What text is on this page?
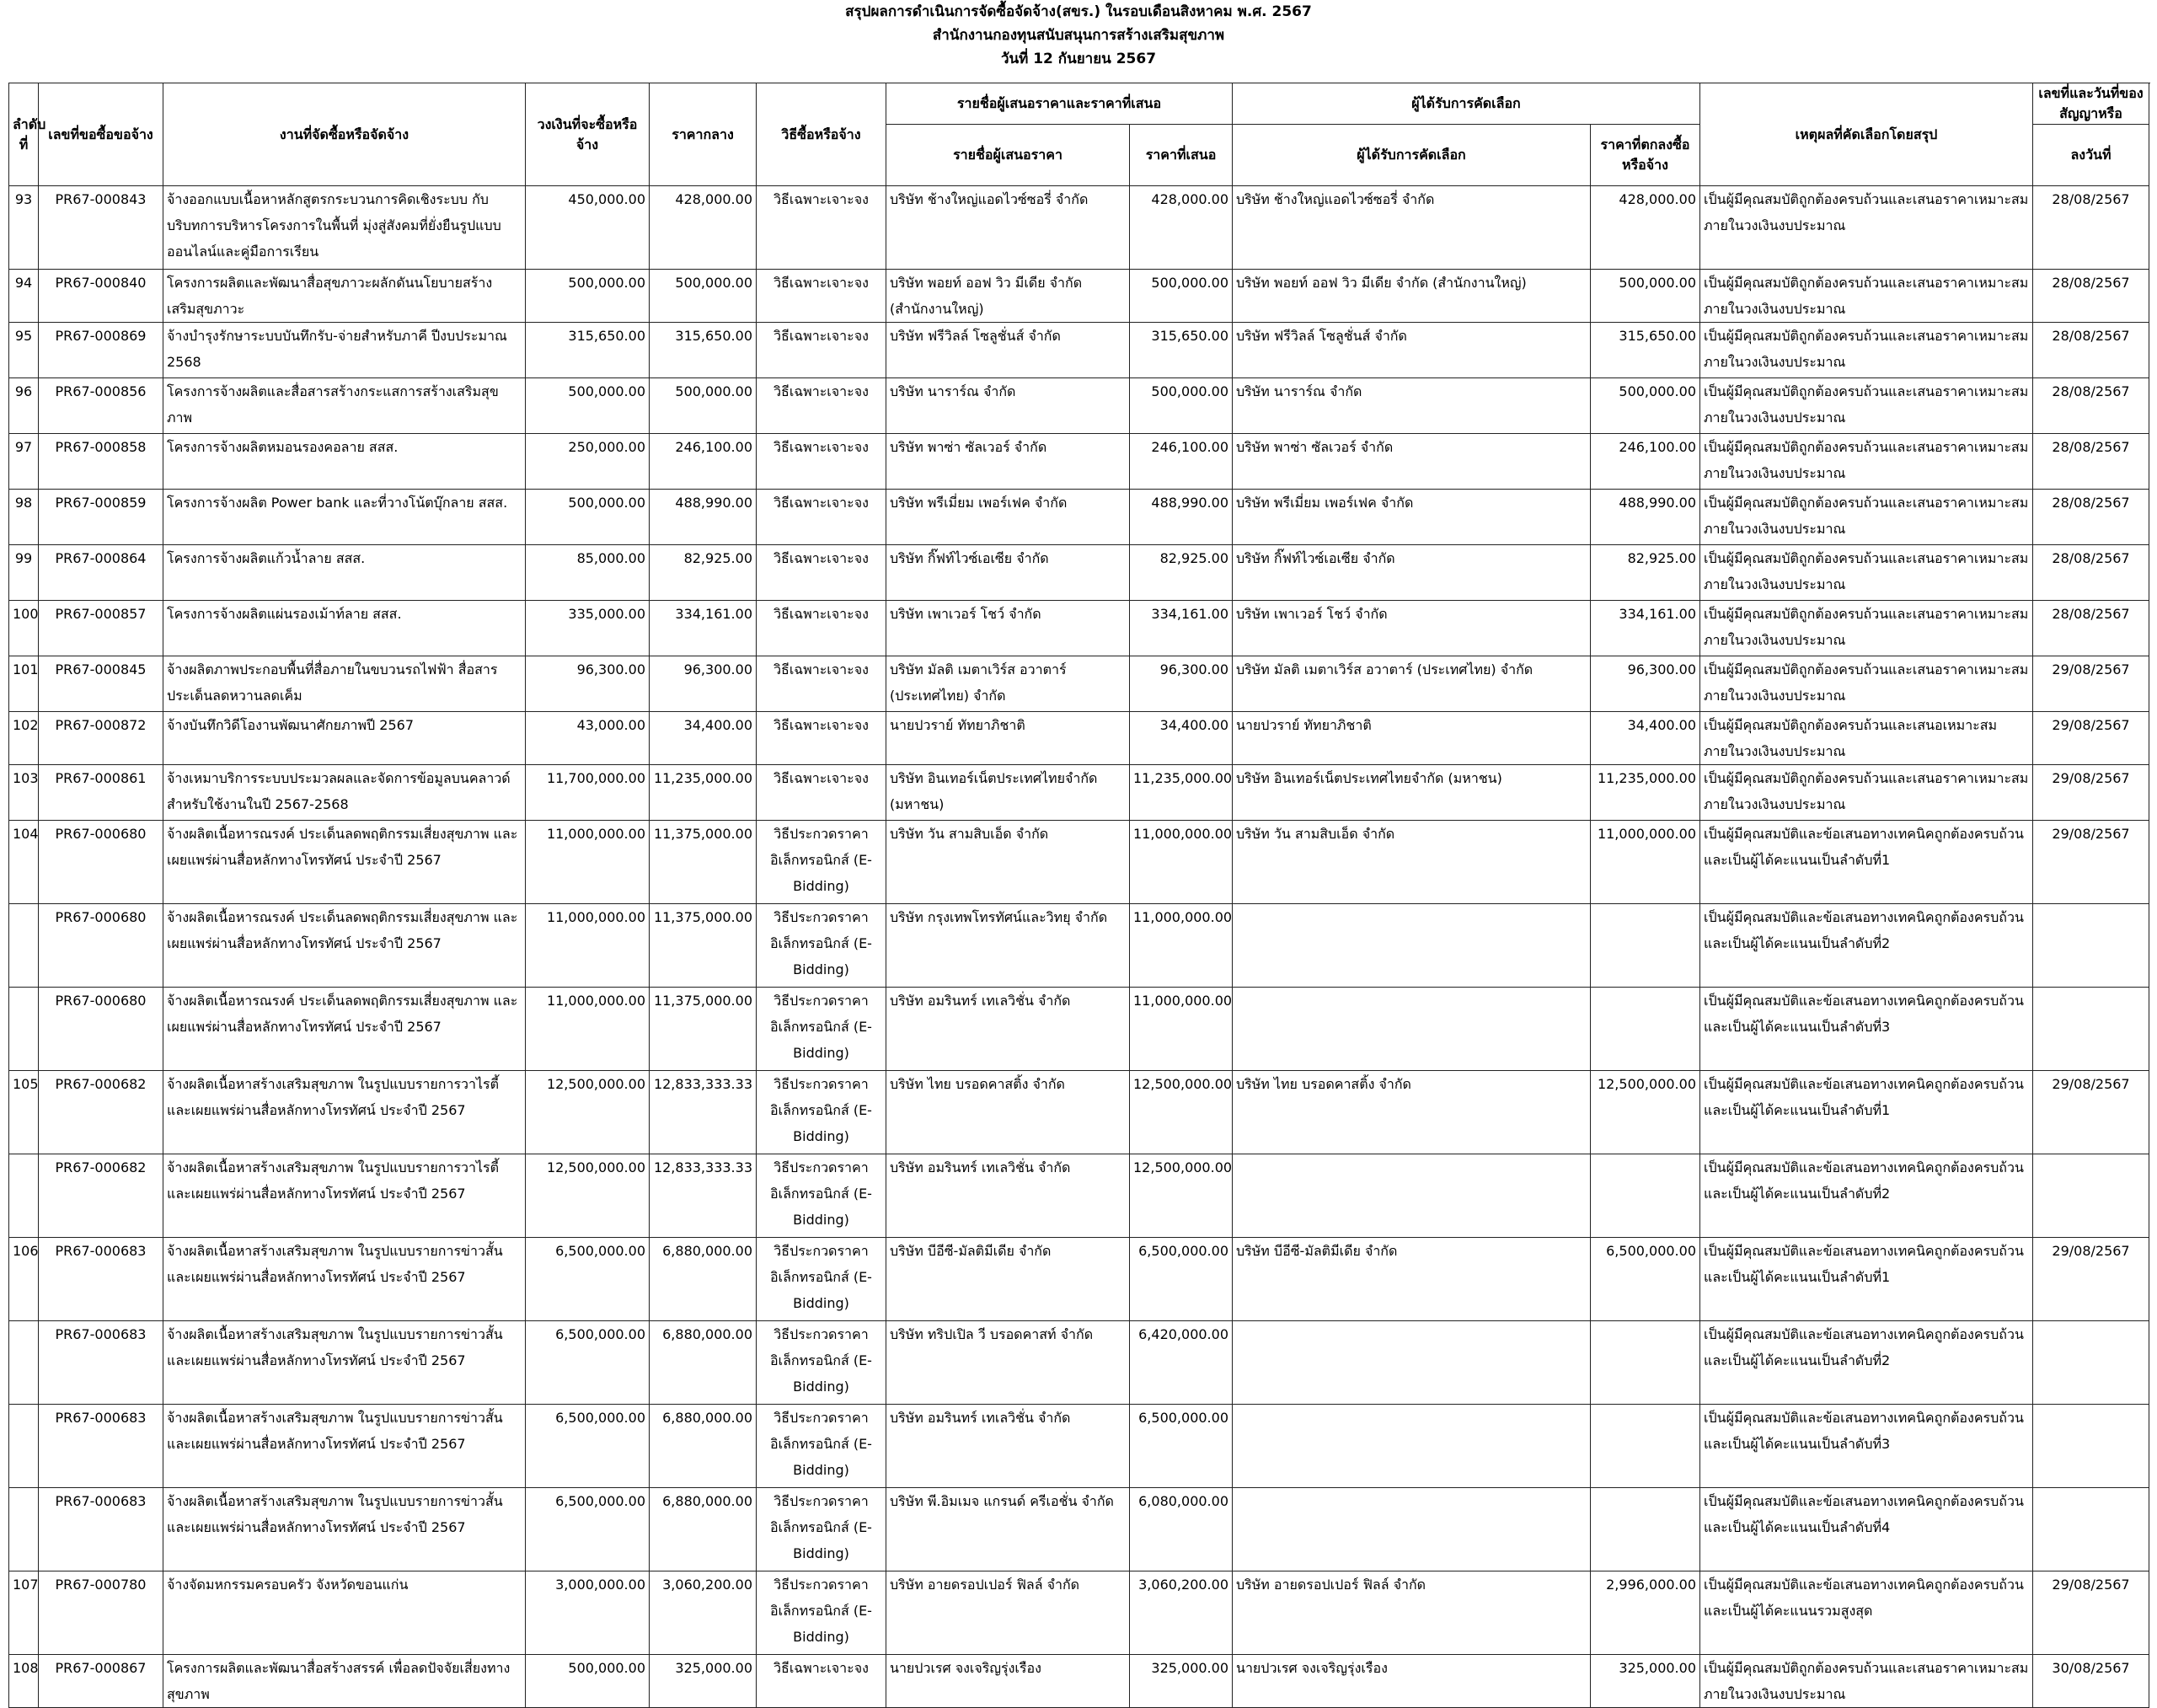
สรุปผลการดำเนินการจัดซื้อจัดจ้าง(สขร.) ในรอบเดือนสิงหาคม พ.ศ. 2567
สำนักงานกองทุนสนับสนุนการสร้างเสริมสุขภาพ
วันที่ 12 กันยายน 2567
ลำดับที่	เลขที่ขอซื้อขอจ้าง	งานที่จัดซื้อหรือจัดจ้าง	วงเงินที่จะซื้อหรือจ้าง	ราคากลาง	วิธีซื้อหรือจ้าง	รายชื่อผู้เสนอราคาและราคาที่เสนอ		ผู้ได้รับการคัดเลือก		เหตุผลที่คัดเลือกโดยสรุป	เลขที่และวันที่ของสัญญาหรือ	
						รายชื่อผู้เสนอราคา	ราคาที่เสนอ	ผู้ได้รับการคัดเลือก	ราคาที่ตกลงซื้อหรือจ้าง		ลงวันที่	
93	PR67-000843	จ้างออกแบบเนื้อหาหลักสูตรกระบวนการคิดเชิงระบบ กับบริบทการบริหารโครงการในพื้นที่ มุ่งสู่สังคมที่ยั่งยืนรูปแบบออนไลน์และคู่มือการเรียน	450,000.00	428,000.00	วิธีเฉพาะเจาะจง	บริษัท ช้างใหญ่แอดไวซ์ซอรี่ จำกัด	428,000.00	บริษัท ช้างใหญ่แอดไวซ์ซอรี่ จำกัด	428,000.00	เป็นผู้มีคุณสมบัติถูกต้องครบถ้วนและเสนอราคาเหมาะสมภายในวงเงินงบประมาณ	28/08/2567	
94	PR67-000840	โครงการผลิตและพัฒนาสื่อสุขภาวะผลักดันนโยบายสร้างเสริมสุขภาวะ	500,000.00	500,000.00	วิธีเฉพาะเจาะจง	บริษัท พอยท์ ออฟ วิว มีเดีย จำกัด (สำนักงานใหญ่)	500,000.00	บริษัท พอยท์ ออฟ วิว มีเดีย จำกัด (สำนักงานใหญ่)	500,000.00	เป็นผู้มีคุณสมบัติถูกต้องครบถ้วนและเสนอราคาเหมาะสมภายในวงเงินงบประมาณ	28/08/2567	
95	PR67-000869	จ้างบำรุงรักษาระบบบันทึกรับ-จ่ายสำหรับภาคี ปีงบประมาณ 2568	315,650.00	315,650.00	วิธีเฉพาะเจาะจง	บริษัท ฟรีวิลล์ โซลูชั่นส์ จำกัด	315,650.00	บริษัท ฟรีวิลล์ โซลูชั่นส์ จำกัด	315,650.00	เป็นผู้มีคุณสมบัติถูกต้องครบถ้วนและเสนอราคาเหมาะสมภายในวงเงินงบประมาณ	28/08/2567	
96	PR67-000856	โครงการจ้างผลิตและสื่อสารสร้างกระแสการสร้างเสริมสุขภาพ	500,000.00	500,000.00	วิธีเฉพาะเจาะจง	บริษัท นาราร์ณ จำกัด	500,000.00	บริษัท นาราร์ณ จำกัด	500,000.00	เป็นผู้มีคุณสมบัติถูกต้องครบถ้วนและเสนอราคาเหมาะสมภายในวงเงินงบประมาณ	28/08/2567	
97	PR67-000858	โครงการจ้างผลิตหมอนรองคอลาย สสส.	250,000.00	246,100.00	วิธีเฉพาะเจาะจง	บริษัท พาซ่า ซัลเวอร์ จำกัด	246,100.00	บริษัท พาซ่า ซัลเวอร์ จำกัด	246,100.00	เป็นผู้มีคุณสมบัติถูกต้องครบถ้วนและเสนอราคาเหมาะสมภายในวงเงินงบประมาณ	28/08/2567	
98	PR67-000859	โครงการจ้างผลิต Power bank และที่วางโน้ตบุ๊กลาย สสส.	500,000.00	488,990.00	วิธีเฉพาะเจาะจง	บริษัท พรีเมี่ยม เพอร์เฟค จำกัด	488,990.00	บริษัท พรีเมี่ยม เพอร์เฟค จำกัด	488,990.00	เป็นผู้มีคุณสมบัติถูกต้องครบถ้วนและเสนอราคาเหมาะสมภายในวงเงินงบประมาณ	28/08/2567	
99	PR67-000864	โครงการจ้างผลิตแก้วน้ำลาย สสส.	85,000.00	82,925.00	วิธีเฉพาะเจาะจง	บริษัท กิ๊ฟท์ไวซ์เอเซีย จำกัด	82,925.00	บริษัท กิ๊ฟท์ไวซ์เอเซีย จำกัด	82,925.00	เป็นผู้มีคุณสมบัติถูกต้องครบถ้วนและเสนอราคาเหมาะสมภายในวงเงินงบประมาณ	28/08/2567	
100	PR67-000857	โครงการจ้างผลิตแผ่นรองเม้าท์ลาย สสส.	335,000.00	334,161.00	วิธีเฉพาะเจาะจง	บริษัท เพาเวอร์ โชว์ จำกัด	334,161.00	บริษัท เพาเวอร์ โชว์ จำกัด	334,161.00	เป็นผู้มีคุณสมบัติถูกต้องครบถ้วนและเสนอราคาเหมาะสมภายในวงเงินงบประมาณ	28/08/2567	
101	PR67-000845	จ้างผลิตภาพประกอบพื้นที่สื่อภายในขบวนรถไฟฟ้า สื่อสารประเด็นลดหวานลดเค็ม	96,300.00	96,300.00	วิธีเฉพาะเจาะจง	บริษัท มัลติ เมตาเวิร์ส อวาตาร์ (ประเทศไทย) จำกัด	96,300.00	บริษัท มัลติ เมตาเวิร์ส อวาตาร์ (ประเทศไทย) จำกัด	96,300.00	เป็นผู้มีคุณสมบัติถูกต้องครบถ้วนและเสนอราคาเหมาะสมภายในวงเงินงบประมาณ	29/08/2567	
102	PR67-000872	จ้างบันทึกวิดีโองานพัฒนาศักยภาพปี 2567	43,000.00	34,400.00	วิธีเฉพาะเจาะจง	นายปวราย์ ทัทยาภิชาติ	34,400.00	นายปวราย์ ทัทยาภิชาติ	34,400.00	เป็นผู้มีคุณสมบัติถูกต้องครบถ้วนและเสนอเหมาะสมภายในวงเงินงบประมาณ	29/08/2567	
103	PR67-000861	จ้างเหมาบริการระบบประมวลผลและจัดการข้อมูลบนคลาวด์ สำหรับใช้งานในปี 2567-2568	11,700,000.00	11,235,000.00	วิธีเฉพาะเจาะจง	บริษัท อินเทอร์เน็ตประเทศไทยจำกัด (มหาชน)	11,235,000.00	บริษัท อินเทอร์เน็ตประเทศไทยจำกัด (มหาชน)	11,235,000.00	เป็นผู้มีคุณสมบัติถูกต้องครบถ้วนและเสนอราคาเหมาะสมภายในวงเงินงบประมาณ	29/08/2567	
104	PR67-000680	จ้างผลิตเนื้อหารณรงค์ ประเด็นลดพฤติกรรมเสี่ยงสุขภาพ และเผยแพร่ผ่านสื่อหลักทางโทรทัศน์ ประจำปี 2567	11,000,000.00	11,375,000.00	วิธีประกวดราคาอิเล็กทรอนิกส์ (E-Bidding)	บริษัท วัน สามสิบเอ็ด จำกัด	11,000,000.00	บริษัท วัน สามสิบเอ็ด จำกัด	11,000,000.00	เป็นผู้มีคุณสมบัติและข้อเสนอทางเทคนิคถูกต้องครบถ้วนและเป็นผู้ได้คะแนนเป็นลำดับที่1	29/08/2567	
	PR67-000680	จ้างผลิตเนื้อหารณรงค์ ประเด็นลดพฤติกรรมเสี่ยงสุขภาพ และเผยแพร่ผ่านสื่อหลักทางโทรทัศน์ ประจำปี 2567	11,000,000.00	11,375,000.00	วิธีประกวดราคาอิเล็กทรอนิกส์ (E-Bidding)	บริษัท กรุงเทพโทรทัศน์และวิทยุ จำกัด	11,000,000.00			เป็นผู้มีคุณสมบัติและข้อเสนอทางเทคนิคถูกต้องครบถ้วนและเป็นผู้ได้คะแนนเป็นลำดับที่2		
	PR67-000680	จ้างผลิตเนื้อหารณรงค์ ประเด็นลดพฤติกรรมเสี่ยงสุขภาพ และเผยแพร่ผ่านสื่อหลักทางโทรทัศน์ ประจำปี 2567	11,000,000.00	11,375,000.00	วิธีประกวดราคาอิเล็กทรอนิกส์ (E-Bidding)	บริษัท อมรินทร์ เทเลวิชั่น จำกัด	11,000,000.00			เป็นผู้มีคุณสมบัติและข้อเสนอทางเทคนิคถูกต้องครบถ้วนและเป็นผู้ได้คะแนนเป็นลำดับที่3		
105	PR67-000682	จ้างผลิตเนื้อหาสร้างเสริมสุขภาพ ในรูปแบบรายการวาไรตี้ และเผยแพร่ผ่านสื่อหลักทางโทรทัศน์ ประจำปี 2567	12,500,000.00	12,833,333.33	วิธีประกวดราคาอิเล็กทรอนิกส์ (E-Bidding)	บริษัท ไทย บรอดคาสติ้ง จำกัด	12,500,000.00	บริษัท ไทย บรอดคาสติ้ง จำกัด	12,500,000.00	เป็นผู้มีคุณสมบัติและข้อเสนอทางเทคนิคถูกต้องครบถ้วนและเป็นผู้ได้คะแนนเป็นลำดับที่1	29/08/2567	
	PR67-000682	จ้างผลิตเนื้อหาสร้างเสริมสุขภาพ ในรูปแบบรายการวาไรตี้ และเผยแพร่ผ่านสื่อหลักทางโทรทัศน์ ประจำปี 2567	12,500,000.00	12,833,333.33	วิธีประกวดราคาอิเล็กทรอนิกส์ (E-Bidding)	บริษัท อมรินทร์ เทเลวิชั่น จำกัด	12,500,000.00			เป็นผู้มีคุณสมบัติและข้อเสนอทางเทคนิคถูกต้องครบถ้วนและเป็นผู้ได้คะแนนเป็นลำดับที่2		
106	PR67-000683	จ้างผลิตเนื้อหาสร้างเสริมสุขภาพ ในรูปแบบรายการข่าวสั้นและเผยแพร่ผ่านสื่อหลักทางโทรทัศน์ ประจำปี 2567	6,500,000.00	6,880,000.00	วิธีประกวดราคาอิเล็กทรอนิกส์ (E-Bidding)	บริษัท บีอีซี-มัลติมีเดีย จำกัด	6,500,000.00	บริษัท บีอีซี-มัลติมีเดีย จำกัด	6,500,000.00	เป็นผู้มีคุณสมบัติและข้อเสนอทางเทคนิคถูกต้องครบถ้วนและเป็นผู้ได้คะแนนเป็นลำดับที่1	29/08/2567	
	PR67-000683	จ้างผลิตเนื้อหาสร้างเสริมสุขภาพ ในรูปแบบรายการข่าวสั้นและเผยแพร่ผ่านสื่อหลักทางโทรทัศน์ ประจำปี 2567	6,500,000.00	6,880,000.00	วิธีประกวดราคาอิเล็กทรอนิกส์ (E-Bidding)	บริษัท ทริปเปิล วี บรอดคาสท์ จำกัด	6,420,000.00			เป็นผู้มีคุณสมบัติและข้อเสนอทางเทคนิคถูกต้องครบถ้วนและเป็นผู้ได้คะแนนเป็นลำดับที่2		
	PR67-000683	จ้างผลิตเนื้อหาสร้างเสริมสุขภาพ ในรูปแบบรายการข่าวสั้นและเผยแพร่ผ่านสื่อหลักทางโทรทัศน์ ประจำปี 2567	6,500,000.00	6,880,000.00	วิธีประกวดราคาอิเล็กทรอนิกส์ (E-Bidding)	บริษัท อมรินทร์ เทเลวิชั่น จำกัด	6,500,000.00			เป็นผู้มีคุณสมบัติและข้อเสนอทางเทคนิคถูกต้องครบถ้วนและเป็นผู้ได้คะแนนเป็นลำดับที่3		
	PR67-000683	จ้างผลิตเนื้อหาสร้างเสริมสุขภาพ ในรูปแบบรายการข่าวสั้นและเผยแพร่ผ่านสื่อหลักทางโทรทัศน์ ประจำปี 2567	6,500,000.00	6,880,000.00	วิธีประกวดราคาอิเล็กทรอนิกส์ (E-Bidding)	บริษัท พี.อิมเมจ แกรนด์ ครีเอชั่น จำกัด	6,080,000.00			เป็นผู้มีคุณสมบัติและข้อเสนอทางเทคนิคถูกต้องครบถ้วนและเป็นผู้ได้คะแนนเป็นลำดับที่4		
107	PR67-000780	จ้างจัดมหกรรมครอบครัว จังหวัดขอนแก่น	3,000,000.00	3,060,200.00	วิธีประกวดราคาอิเล็กทรอนิกส์ (E-Bidding)	บริษัท อายดรอปเปอร์ ฟิลล์ จำกัด	3,060,200.00	บริษัท อายดรอปเปอร์ ฟิลล์ จำกัด	2,996,000.00	เป็นผู้มีคุณสมบัติและข้อเสนอทางเทคนิคถูกต้องครบถ้วนและเป็นผู้ได้คะแนนรวมสูงสุด	29/08/2567	
108	PR67-000867	โครงการผลิตและพัฒนาสื่อสร้างสรรค์ เพื่อลดปัจจัยเสี่ยงทางสุขภาพ	500,000.00	325,000.00	วิธีเฉพาะเจาะจง	นายปวเรศ จงเจริญรุ่งเรือง	325,000.00	นายปวเรศ จงเจริญรุ่งเรือง	325,000.00	เป็นผู้มีคุณสมบัติถูกต้องครบถ้วนและเสนอราคาเหมาะสมภายในวงเงินงบประมาณ	30/08/2567	
